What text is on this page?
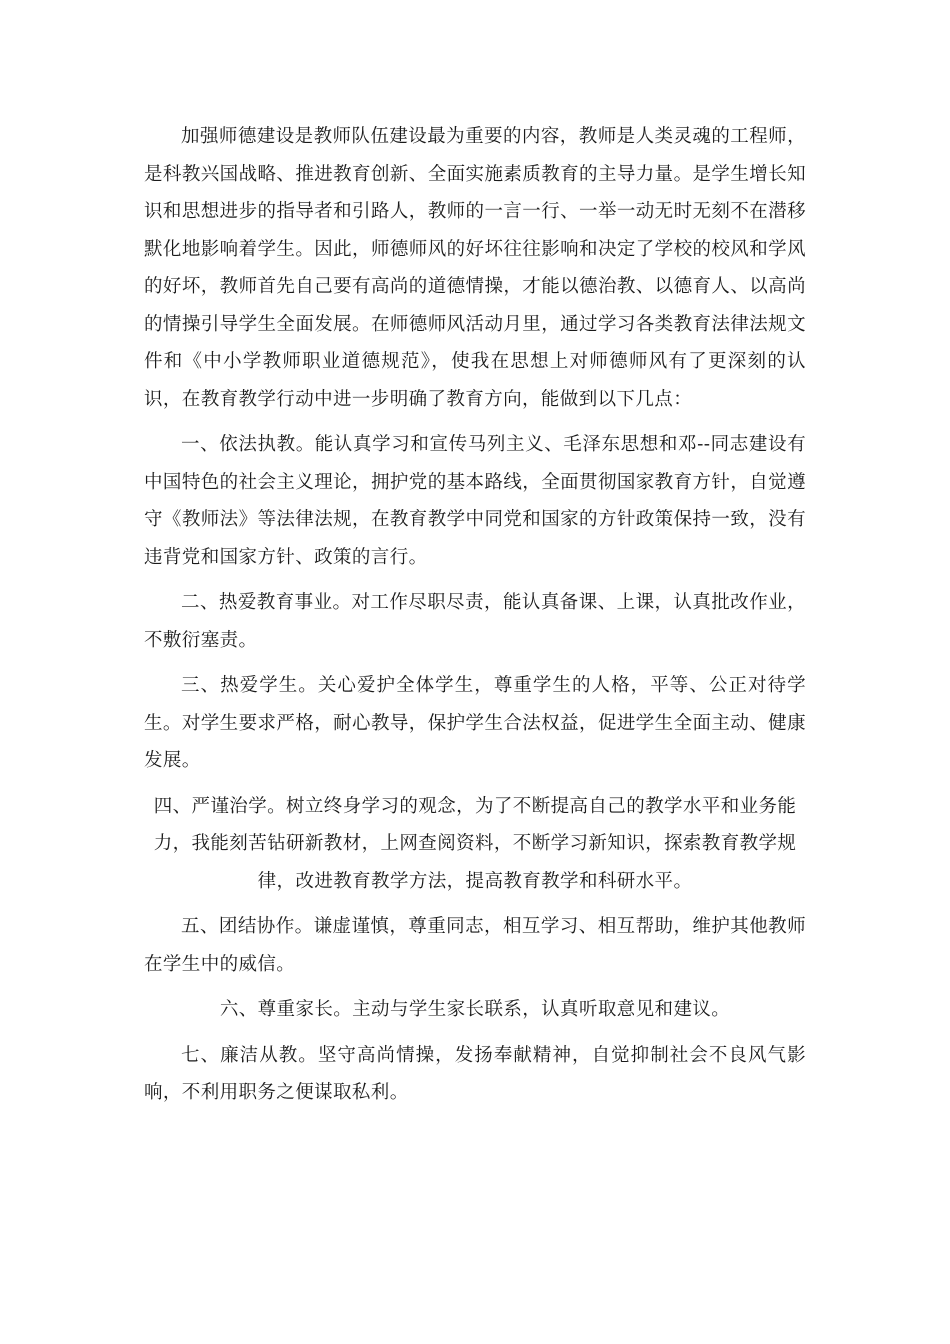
加强师德建设是教师队伍建设最为重要的内容，教师是人类灵魂的工程师，是科教兴国战略、推进教育创新、全面实施素质教育的主导力量。是学生增长知识和思想进步的指导者和引路人，教师的一言一行、一举一动无时无刻不在潜移默化地影响着学生。因此，师德师风的好坏往往影响和决定了学校的校风和学风的好坏，教师首先自己要有高尚的道德情操，才能以德治教、以德育人、以高尚的情操引导学生全面发展。在师德师风活动月里，通过学习各类教育法律法规文件和《中小学教师职业道德规范》，使我在思想上对师德师风有了更深刻的认识，在教育教学行动中进一步明确了教育方向，能做到以下几点：

一、依法执教。能认真学习和宣传马列主义、毛泽东思想和邓--同志建设有中国特色的社会主义理论，拥护党的基本路线，全面贯彻国家教育方针，自觉遵守《教师法》等法律法规，在教育教学中同党和国家的方针政策保持一致，没有违背党和国家方针、政策的言行。

二、热爱教育事业。对工作尽职尽责，能认真备课、上课，认真批改作业，不敷衍塞责。

三、热爱学生。关心爱护全体学生，尊重学生的人格，平等、公正对待学生。对学生要求严格，耐心教导，保护学生合法权益，促进学生全面主动、健康发展。

四、严谨治学。树立终身学习的观念，为了不断提高自己的教学水平和业务能力，我能刻苦钻研新教材，上网查阅资料，不断学习新知识，探索教育教学规律，改进教育教学方法，提高教育教学和科研水平。

五、团结协作。谦虚谨慎，尊重同志，相互学习、相互帮助，维护其他教师在学生中的威信。

六、尊重家长。主动与学生家长联系，认真听取意见和建议。

七、廉洁从教。坚守高尚情操，发扬奉献精神，自觉抑制社会不良风气影响，不利用职务之便谋取私利。
